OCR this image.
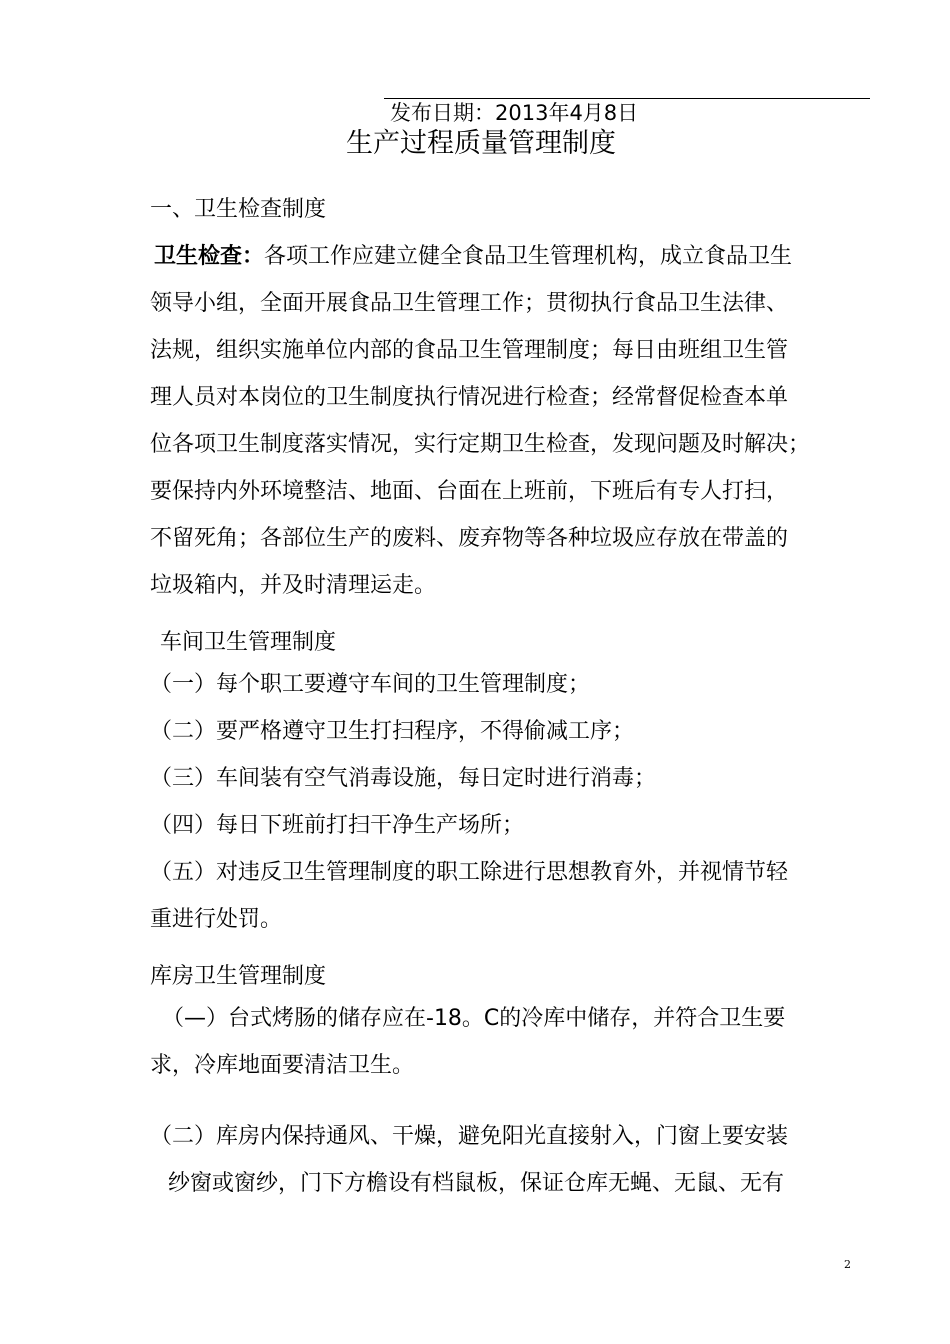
发布日期：2013年4月8日
生产过程质量管理制度
一、卫生检查制度
卫生检查：各项工作应建立健全食品卫生管理机构，成立食品卫生
领导小组，全面开展食品卫生管理工作；贯彻执行食品卫生法律、
法规，组织实施单位内部的食品卫生管理制度；每日由班组卫生管
理人员对本岗位的卫生制度执行情况进行检查；经常督促检查本单
位各项卫生制度落实情况，实行定期卫生检查，发现问题及时解决；
要保持内外环境整洁、地面、台面在上班前，下班后有专人打扫，
不留死角；各部位生产的废料、废弃物等各种垃圾应存放在带盖的
垃圾箱内，并及时清理运走。
车间卫生管理制度
（一）每个职工要遵守车间的卫生管理制度；
（二）要严格遵守卫生打扫程序，不得偷减工序；
（三）车间装有空气消毒设施，每日定时进行消毒；
（四）每日下班前打扫干净生产场所；
（五）对违反卫生管理制度的职工除进行思想教育外，并视情节轻
重进行处罚。
库房卫生管理制度
（—）台式烤肠的储存应在-18。C的冷库中储存，并符合卫生要
求，冷库地面要清洁卫生。
（二）库房内保持通风、干燥，避免阳光直接射入，门窗上要安装
纱窗或窗纱，门下方檐设有档鼠板，保证仓库无蝇、无鼠、无有
2
